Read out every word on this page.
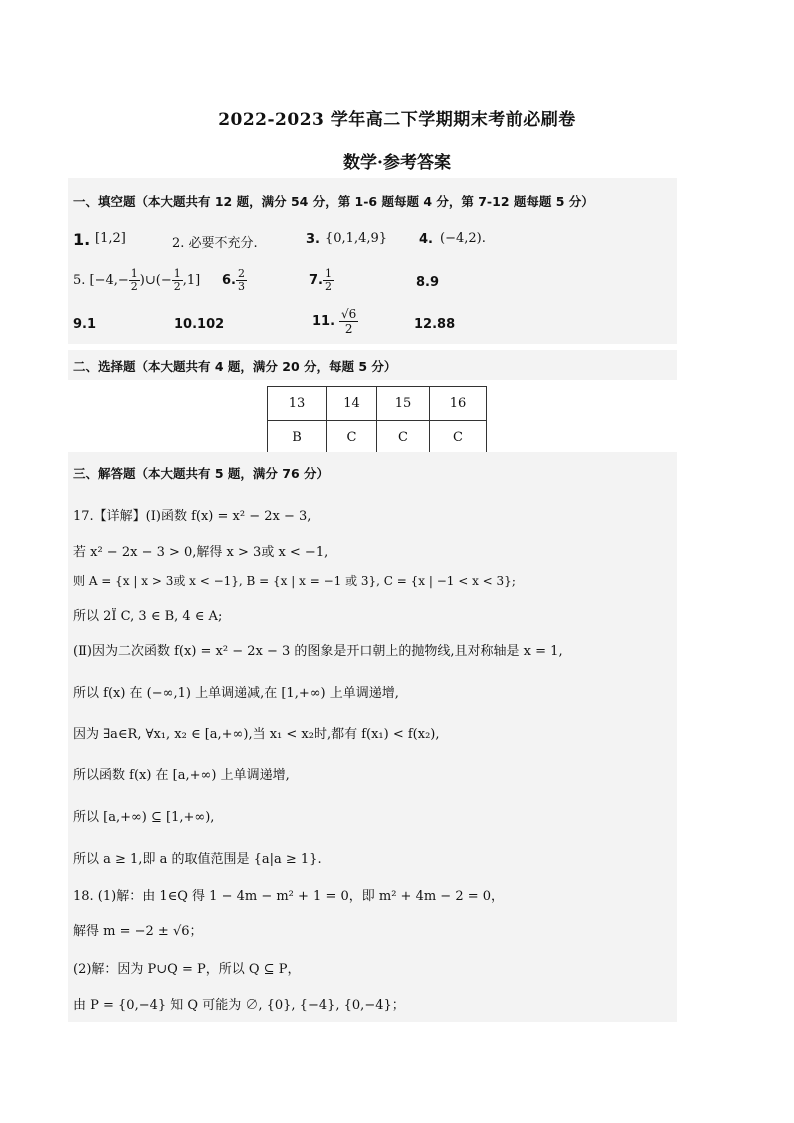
2022-2023 学年高二下学期期末考前必刷卷
数学·参考答案
一、填空题（本大题共有 12 题，满分 54 分，第 1-6 题每题 4 分，第 7-12 题每题 5 分）
1. [1,2]	2. 必要不充分.	3. {0,1,4,9} 4. (−4,2).
5. [$-4,- \frac{1}{2}$ )∪(− $\frac{1}{2} ,1$] 6. $\frac{2}{3}$	7. $\frac{1}{2}$	8.9
9.1	10.102	11. $\frac{√6}{2}$	12.88
二、选择题（本大题共有 4 题，满分 20 分，每题 5 分）
13	14	15	16
B	C	C	C
三、解答题（本大题共有 5 题，满分 76 分）
17.【详解】(Ⅰ)函数 f(x) = x² − 2x − 3,
若 x² − 2x − 3 > 0,解得 x > 3或 x < −1,
则 A = {x | x > 3或 x < −1}, B = {x | x = −1 或 3}, C = {x | −1 < x < 3};
所以 2Ï C, 3 ∈ B, 4 ∈ A;
(Ⅱ)因为二次函数 f(x) = x² − 2x − 3 的图象是开口朝上的抛物线,且对称轴是 x = 1,
所以 f(x) 在 (−∞,1) 上单调递减,在 [1,+∞) 上单调递增,
因为 ∃a∈R, ∀x₁, x₂ ∈ [a,+∞),当 x₁ < x₂时,都有 f(x₁) < f(x₂),
所以函数 f(x) 在 [a,+∞) 上单调递增,
所以 [a,+∞) ⊆ [1,+∞),
所以 a ≥ 1,即 a 的取值范围是 {a|a ≥ 1}.
18. (1)解：由 1∈Q 得 1 − 4m − m² + 1 = 0，即 m² + 4m − 2 = 0，
解得 m = −2 ± √6；
(2)解：因为 P∪Q = P，所以 Q ⊆ P，
由 P = {0,−4} 知 Q 可能为 ∅, {0}, {−4}, {0,−4}；
